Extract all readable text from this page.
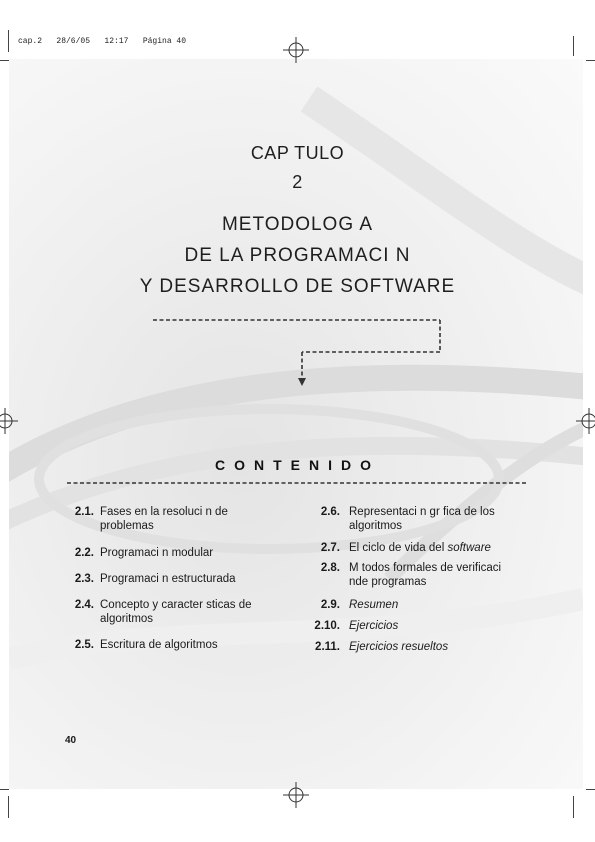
cap.2   28/6/05   12:17   Página 40
CAP TULO
2
METODOLOG A
DE LA PROGRAMACI N
Y DESARROLLO DE SOFTWARE
CONTENIDO
2.1. Fases en la resoluci n de problemas
2.2. Programaci n modular
2.3. Programaci n estructurada
2.4. Concepto y caracter sticas de algoritmos
2.5. Escritura de algoritmos
2.6. Representaci n gr fica de los algoritmos
2.7. El ciclo de vida del software
2.8. M todos formales de verificaci nde programas
2.9. Resumen
2.10. Ejercicios
2.11. Ejercicios resueltos
40
